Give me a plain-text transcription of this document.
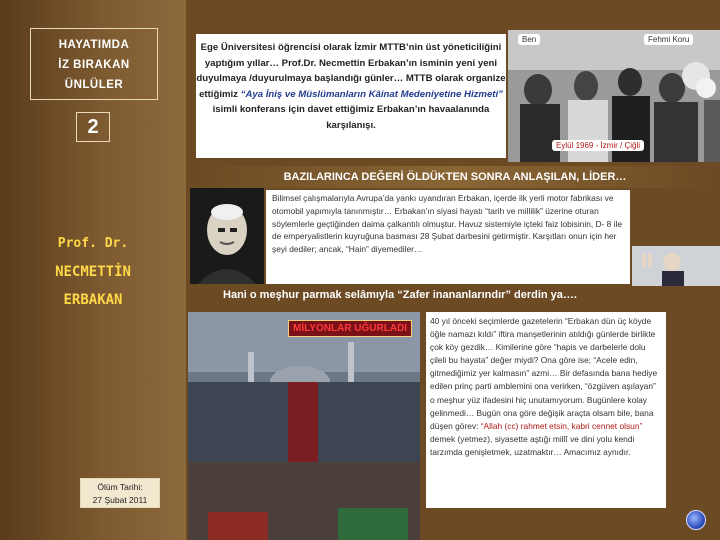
HAYATIMDA
İZ BIRAKAN
ÜNLÜLER
2
Prof. Dr.
NECMETTİN
ERBAKAN
Ölüm Tarihi:
27 Şubat 2011
Ege Üniversitesi öğrencisi olarak İzmir MTTB’nin üst yöneticiliğini yaptığım yıllar… Prof.Dr. Necmettin Erbakan’ın isminin yeni yeni duyulmaya /duyurulmaya başlandığı günler… MTTB olarak organize ettiğimiz “Aya İniş ve Müslümanların Kâinat Medeniyetine Hizmeti” isimli konferans için davet ettiğimiz Erbakan’ın havaalanında karşılanışı.
Ben	Fehmi Koru
Eylül 1969 - İzmir / Çiğli
BAZILARINCA DEĞERİ ÖLDÜKTEN SONRA ANLAŞILAN, LİDER…
Bilimsel çalışmalarıyla Avrupa’da yankı uyandıran Erbakan, içerde ilk yerli motor fabrikası ve otomobil yapımıyla tanınmıştır… Erbakan’ın siyasi hayatı “tarih ve millilik” üzerine oturan söylemlerle geçtiğinden daima çalkantılı olmuştur. Havuz sistemiyle içteki faiz lobisinin, D- 8 ile de emperyalistlerin kuyruğuna basması 28 Şubat darbesini getirmiştir. Karşıtları onun için her şeyi dediler; ancak, “Hain” diyemediler…
Hani o meşhur parmak selâmıyla “Zafer inananlarındır” derdin ya….
MİLYONLAR UĞURLADI
40 yıl önceki seçimlerde gazetelerin “Erbakan dün üç köyde öğle namazı kıldı” iftira manşetlerinin atıldığı günlerde birlikte çok köy gezdik… Kimilerine göre “hapis ve darbelerle dolu çileli bu hayata” değer miydi? Ona göre ise; “Acele edin, gitmediğimiz yer kalmasın” azmi… Bir defasında bana hediye edilen prinç parti amblemini ona verirken, “özgüven aşılayan” o meşhur yüz ifadesini hiç unutamıyorum. Bugünlere kolay gelinmedi… Bugün ona göre değişik araçta olsam bile, bana düşen görev: “Allah (cc) rahmet etsin, kabri cennet olsun” demek (yetmez), siyasette aştığı millî ve dini yolu kendi tarzımda genişletmek, uzatmaktır… Amacımız aynıdır.
